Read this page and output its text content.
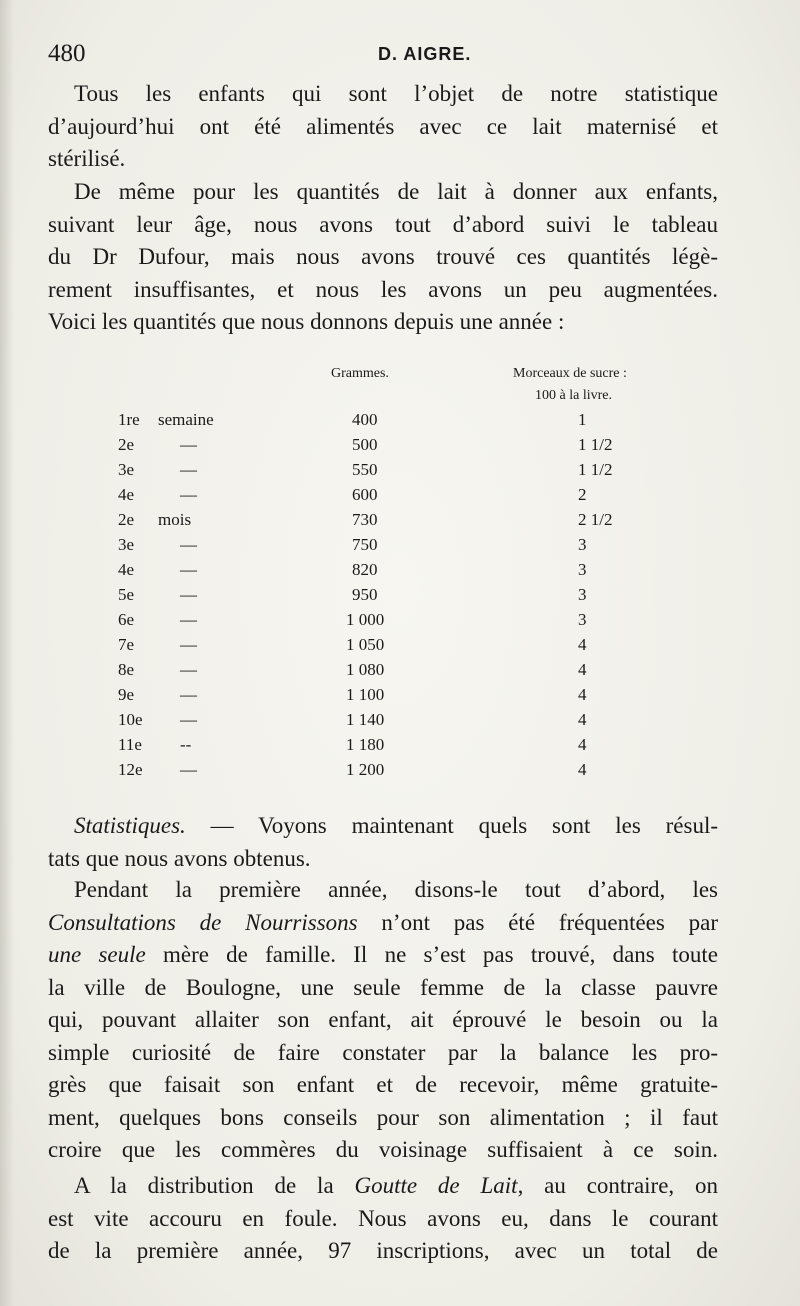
480	D. AIGRE.
Tous les enfants qui sont l’objet de notre statistique
d’aujourd’hui ont été alimentés avec ce lait maternisé et
stérilisé.
De même pour les quantités de lait à donner aux enfants,
suivant leur âge, nous avons tout d’abord suivi le tableau
du Dr Dufour, mais nous avons trouvé ces quantités légè-
rement insuffisantes, et nous les avons un peu augmentées.
Voici les quantités que nous donnons depuis une année :
Grammes.	Morceaux de sucre :
100 à la livre.
1re semaine	400	1
2e	—	500	1 1/2
3e	—	550	1 1/2
4e	—	600	2
2e mois	730	2 1/2
3e	—	750	3
4e	—	820	3
5e	—	950	3
6e	—	1 000	3
7e	—	1 050	4
8e	—	1 080	4
9e	—	1 100	4
10e —	1 140	4
11e --	1 180	4
12e —	1 200	4
Statistiques. — Voyons maintenant quels sont les résul-
tats que nous avons obtenus.
Pendant la première année, disons-le tout d’abord, les
Consultations de Nourrissons n’ont pas été fréquentées par
une seule mère de famille. Il ne s’est pas trouvé, dans toute
la ville de Boulogne, une seule femme de la classe pauvre
qui, pouvant allaiter son enfant, ait éprouvé le besoin ou la
simple curiosité de faire constater par la balance les pro-
grès que faisait son enfant et de recevoir, même gratuite-
ment, quelques bons conseils pour son alimentation ; il faut
croire que les commères du voisinage suffisaient à ce soin.
A la distribution de la Goutte de Lait, au contraire, on
est vite accouru en foule. Nous avons eu, dans le courant
de la première année, 97 inscriptions, avec un total de
